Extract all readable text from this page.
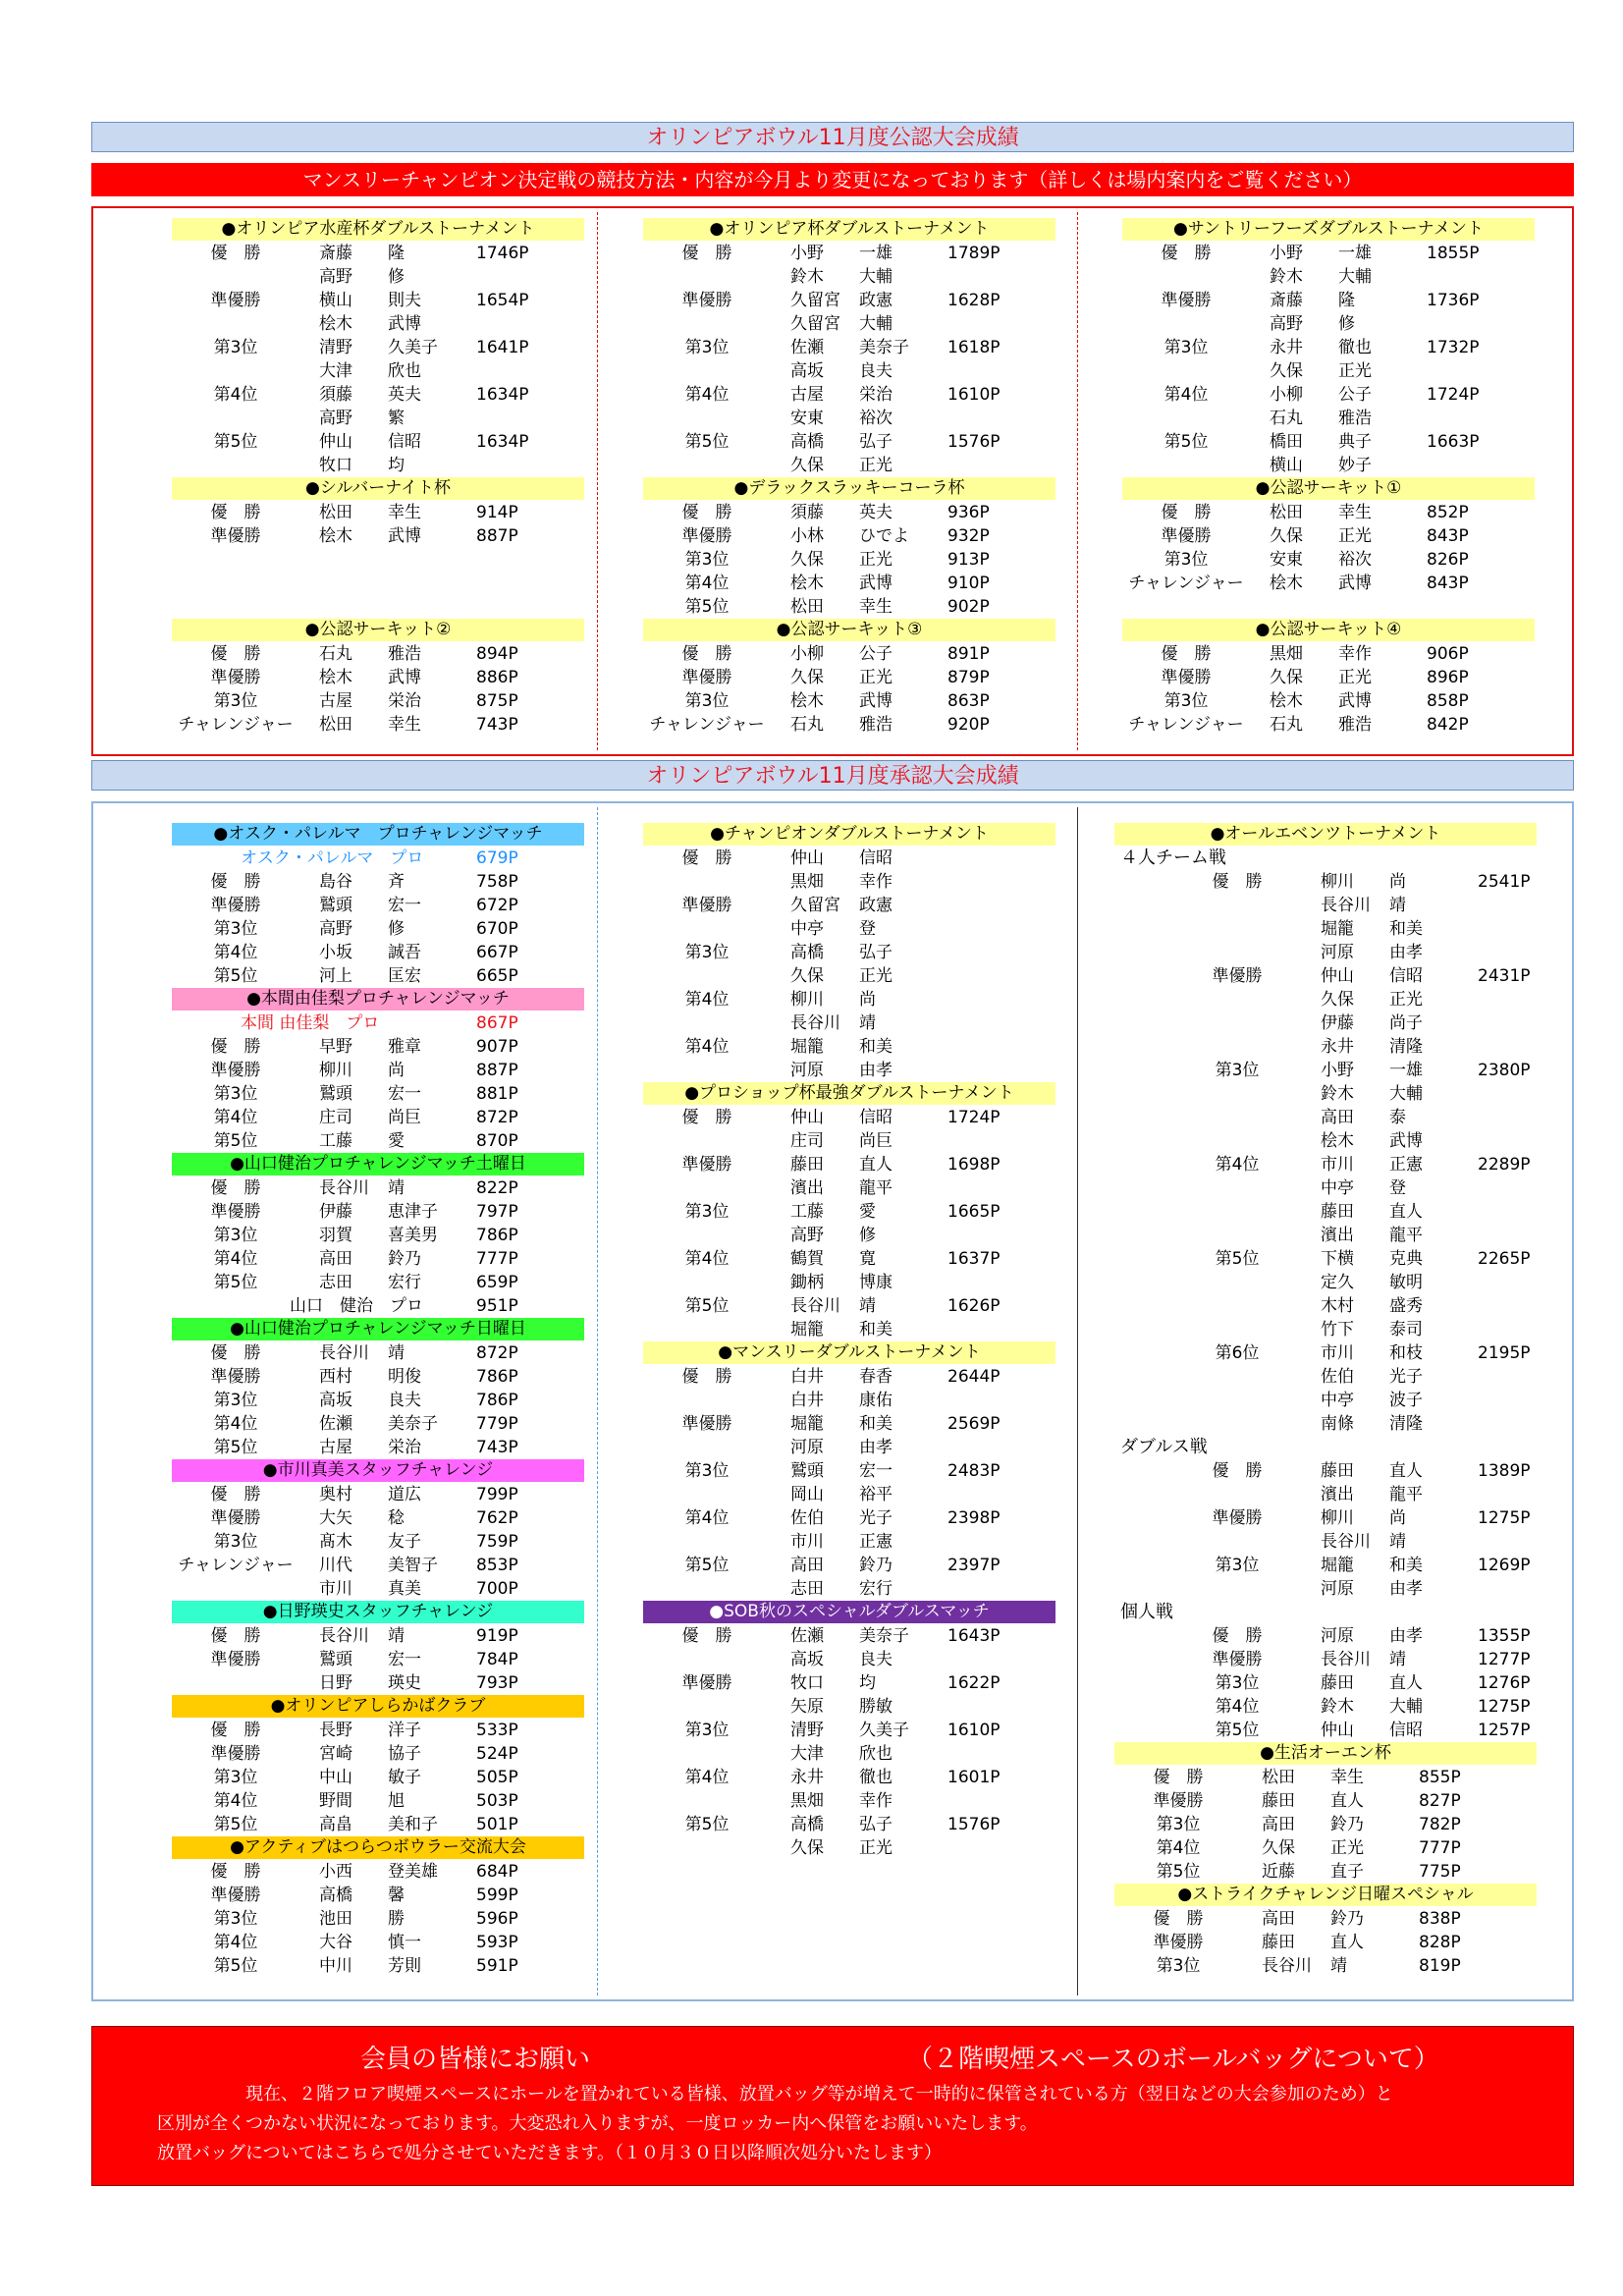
オリンピアボウル11月度公認大会成績
マンスリーチャンピオン決定戦の競技方法・内容が今月より変更になっております（詳しくは場内案内をご覧ください）
●オリンピア水産杯ダブルストーナメント
優　勝	斎藤 隆	1746P
高野 修
準優勝	横山 則夫	1654P
桧木 武博
第3位	清野 久美子 1641P
大津 欣也
第4位	須藤 英夫	1634P
高野 繁
第5位	仲山 信昭	1634P
牧口 均
●シルバーナイト杯
優　勝	松田 幸生	914P
準優勝	桧木 武博	887P
●公認サーキット②
優　勝	石丸 雅浩	894P
準優勝	桧木 武博	886P
第3位	古屋 栄治	875P
チャレンジャー	松田 幸生	743P
●オリンピア杯ダブルストーナメント
優　勝	小野 一雄	1789P
鈴木 大輔
準優勝	久留宮 政憲	1628P
久留宮 大輔
第3位	佐瀬 美奈子 1618P
高坂 良夫
第4位	古屋 栄治	1610P
安東 裕次
第5位	高橋 弘子	1576P
久保 正光
●デラックスラッキーコーラ杯
優　勝	須藤 英夫	936P
準優勝	小林 ひでよ 932P
第3位	久保 正光	913P
第4位	桧木 武博	910P
第5位	松田 幸生	902P
●公認サーキット③
優　勝	小柳 公子	891P
準優勝	久保 正光	879P
第3位	桧木 武博	863P
チャレンジャー	石丸 雅浩	920P
●サントリーフーズダブルストーナメント
優　勝	小野 一雄	1855P
鈴木 大輔
準優勝	斎藤 隆	1736P
高野 修
第3位	永井 徹也	1732P
久保 正光
第4位	小柳 公子	1724P
石丸 雅浩
第5位	橋田 典子	1663P
横山 妙子
●公認サーキット①
優　勝	松田 幸生	852P
準優勝	久保 正光	843P
第3位	安東 裕次	826P
チャレンジャー	桧木 武博	843P
●公認サーキット④
優　勝	黒畑 幸作	906P
準優勝	久保 正光	896P
第3位	桧木 武博	858P
チャレンジャー	石丸 雅浩	842P
オリンピアボウル11月度承認大会成績
●オスク・パレルマ　プロチャレンジマッチ
オスク・パレルマ　プロ	679P
優　勝	島谷 斉	758P
準優勝	鷲頭 宏一	672P
第3位	高野 修	670P
第4位	小坂 誠吾	667P
第5位	河上 匡宏	665P
●本間由佳梨プロチャレンジマッチ
本間 由佳梨　プロ	867P
優　勝	早野 雅章	907P
準優勝	柳川 尚	887P
第3位	鷲頭 宏一	881P
第4位	庄司 尚巨	872P
第5位	工藤 愛	870P
●山口健治プロチャレンジマッチ土曜日
優　勝	長谷川 靖	822P
準優勝	伊藤 恵津子 797P
第3位	羽賀 喜美男 786P
第4位	高田 鈴乃	777P
第5位	志田 宏行	659P
山口　健治　プロ	951P
●山口健治プロチャレンジマッチ日曜日
優　勝	長谷川 靖	872P
準優勝	西村 明俊	786P
第3位	高坂 良夫	786P
第4位	佐瀬 美奈子 779P
第5位	古屋 栄治	743P
●市川真美スタッフチャレンジ
優　勝	奥村 道広	799P
準優勝	大矢 稔	762P
第3位	髙木 友子	759P
チャレンジャー	川代 美智子 853P
市川 真美	700P
●日野瑛史スタッフチャレンジ
優　勝	長谷川 靖	919P
準優勝	鷲頭 宏一	784P
日野 瑛史	793P
●オリンピアしらかばクラブ
優　勝	長野 洋子	533P
準優勝	宮崎 協子	524P
第3位	中山 敏子	505P
第4位	野間 旭	503P
第5位	高畠 美和子 501P
●アクティブはつらつボウラー交流大会
優　勝	小西 登美雄 684P
準優勝	高橋 馨	599P
第3位	池田 勝	596P
第4位	大谷 慎一	593P
第5位	中川 芳則	591P
●チャンピオンダブルストーナメント
優　勝	仲山 信昭
黒畑 幸作
準優勝	久留宮 政憲
中亭 登
第3位	高橋 弘子
久保 正光
第4位	柳川 尚
長谷川 靖
第4位	堀籠 和美
河原 由孝
●プロショップ杯最強ダブルストーナメント
優　勝	仲山 信昭	1724P
庄司 尚巨
準優勝	藤田 直人	1698P
濱出 龍平
第3位	工藤 愛	1665P
高野 修
第4位	鶴賀 寛	1637P
鋤柄 博康
第5位	長谷川 靖	1626P
堀籠 和美
●マンスリーダブルストーナメント
優　勝	白井 春香	2644P
白井 康佑
準優勝	堀籠 和美	2569P
河原 由孝
第3位	鷲頭 宏一	2483P
岡山 裕平
第4位	佐伯 光子	2398P
市川 正憲
第5位	高田 鈴乃	2397P
志田 宏行
●SOB秋のスペシャルダブルスマッチ
優　勝	佐瀬 美奈子 1643P
高坂 良夫
準優勝	牧口 均	1622P
矢原 勝敏
第3位	清野 久美子 1610P
大津 欣也
第4位	永井 徹也	1601P
黒畑 幸作
第5位	高橋 弘子	1576P
久保 正光
●オールエベンツトーナメント
４人チーム戦
優　勝	柳川 尚	2541P
長谷川 靖
堀籠 和美
河原 由孝
準優勝	仲山 信昭	2431P
久保 正光
伊藤 尚子
永井 清隆
第3位	小野 一雄	2380P
鈴木 大輔
高田 泰
桧木 武博
第4位	市川 正憲	2289P
中亭 登
藤田 直人
濱出 龍平
第5位	下横 克典	2265P
定久 敏明
木村 盛秀
竹下 泰司
第6位	市川 和枝	2195P
佐伯 光子
中亭 波子
南條 清隆
ダブルス戦
優　勝	藤田 直人	1389P
濱出 龍平
準優勝	柳川 尚	1275P
長谷川 靖
第3位	堀籠 和美	1269P
河原 由孝
個人戦
優　勝	河原 由孝	1355P
準優勝	長谷川 靖	1277P
第3位	藤田 直人	1276P
第4位	鈴木 大輔	1275P
第5位	仲山 信昭	1257P
●生活オーエン杯
優　勝	松田 幸生	855P
準優勝	藤田 直人	827P
第3位	高田 鈴乃	782P
第4位	久保 正光	777P
第5位	近藤 直子	775P
●ストライクチャレンジ日曜スペシャル
優　勝	高田 鈴乃	838P
準優勝	藤田 直人	828P
第3位	長谷川 靖	819P
会員の皆様にお願い	（２階喫煙スペースのボールバッグについて）
現在、２階フロア喫煙スペースにホールを置かれている皆様、放置バッグ等が増えて一時的に保管されている方（翌日などの大会参加のため）と
区別が全くつかない状況になっております。大変恐れ入りますが、一度ロッカー内へ保管をお願いいたします。
放置バッグについてはこちらで処分させていただきます。（１０月３０日以降順次処分いたします）
